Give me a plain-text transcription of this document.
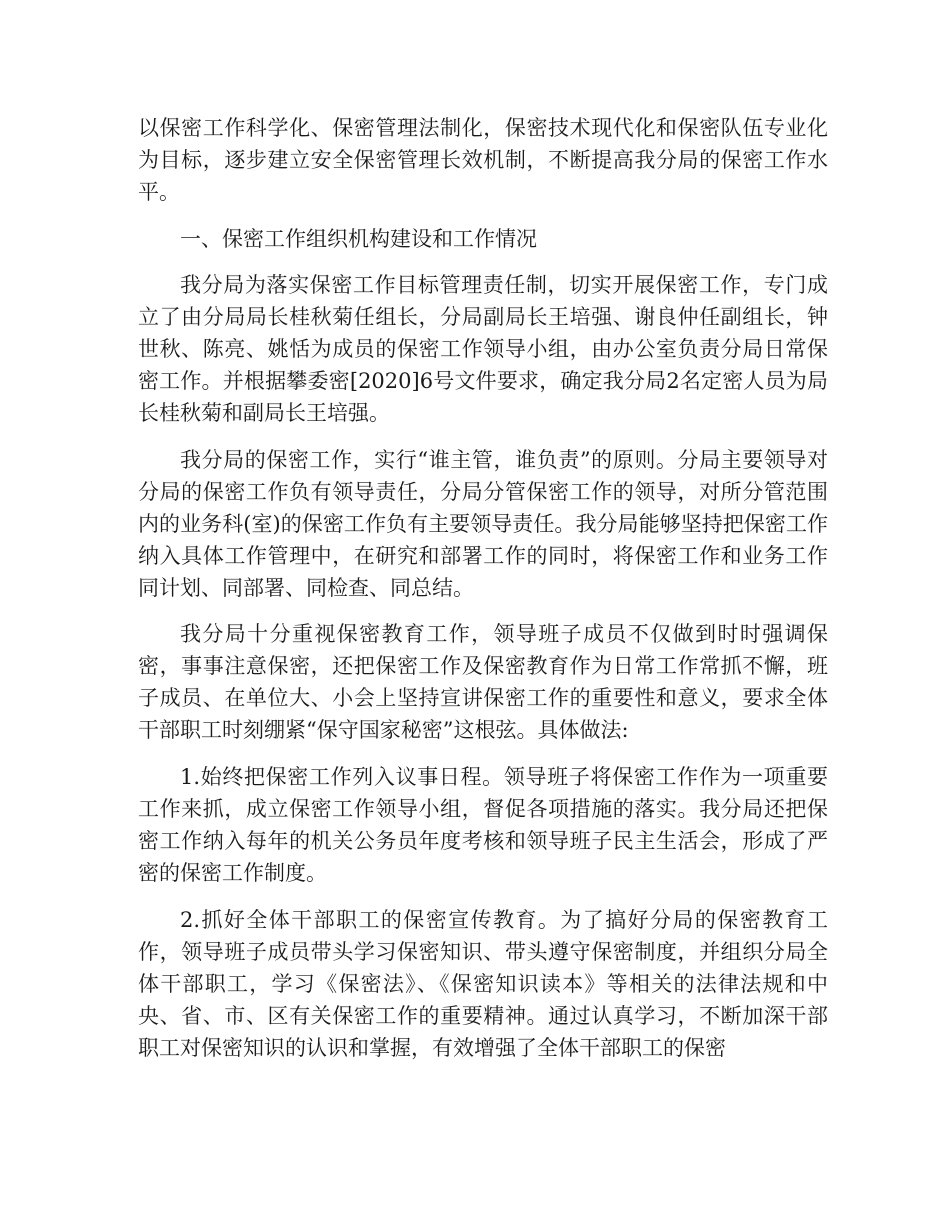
以保密工作科学化、保密管理法制化，保密技术现代化和保密队伍专业化为目标，逐步建立安全保密管理长效机制，不断提高我分局的保密工作水平。

一、保密工作组织机构建设和工作情况

我分局为落实保密工作目标管理责任制，切实开展保密工作，专门成立了由分局局长桂秋菊任组长，分局副局长王培强、谢良仲任副组长，钟世秋、陈亮、姚恬为成员的保密工作领导小组，由办公室负责分局日常保密工作。并根据攀委密[2020]6号文件要求，确定我分局2名定密人员为局长桂秋菊和副局长王培强。

我分局的保密工作，实行“谁主管，谁负责”的原则。分局主要领导对分局的保密工作负有领导责任，分局分管保密工作的领导，对所分管范围内的业务科(室)的保密工作负有主要领导责任。我分局能够坚持把保密工作纳入具体工作管理中，在研究和部署工作的同时，将保密工作和业务工作同计划、同部署、同检查、同总结。

我分局十分重视保密教育工作，领导班子成员不仅做到时时强调保密，事事注意保密，还把保密工作及保密教育作为日常工作常抓不懈，班子成员、在单位大、小会上坚持宣讲保密工作的重要性和意义，要求全体干部职工时刻绷紧“保守国家秘密”这根弦。具体做法:

1.始终把保密工作列入议事日程。领导班子将保密工作作为一项重要工作来抓，成立保密工作领导小组，督促各项措施的落实。我分局还把保密工作纳入每年的机关公务员年度考核和领导班子民主生活会，形成了严密的保密工作制度。

2.抓好全体干部职工的保密宣传教育。为了搞好分局的保密教育工作，领导班子成员带头学习保密知识、带头遵守保密制度，并组织分局全体干部职工，学习《保密法》、《保密知识读本》等相关的法律法规和中央、省、市、区有关保密工作的重要精神。通过认真学习，不断加深干部职工对保密知识的认识和掌握，有效增强了全体干部职工的保密
